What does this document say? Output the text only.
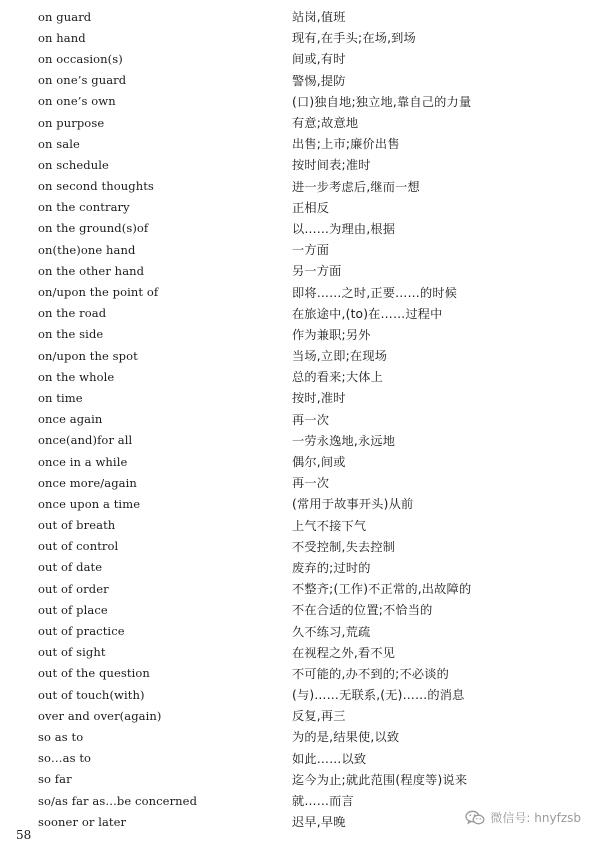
on guard	站岗,值班
on hand	现有,在手头;在场,到场
on occasion(s)	间或,有时
on one’s guard	警惕,提防
on one’s own	(口)独自地;独立地,靠自己的力量
on purpose	有意;故意地
on sale	出售;上市;廉价出售
on schedule	按时间表;准时
on second thoughts	进一步考虑后,继而一想
on the contrary	正相反
on the ground(s)of	以……为理由,根据
on(the)one hand	一方面
on the other hand	另一方面
on/upon the point of	即将……之时,正要……的时候
on the road	在旅途中,(to)在……过程中
on the side	作为兼职;另外
on/upon the spot	当场,立即;在现场
on the whole	总的看来;大体上
on time	按时,准时
once again	再一次
once(and)for all	一劳永逸地,永远地
once in a while	偶尔,间或
once more/again	再一次
once upon a time	(常用于故事开头)从前
out of breath	上气不接下气
out of control	不受控制,失去控制
out of date	废弃的;过时的
out of order	不整齐;(工作)不正常的,出故障的
out of place	不在合适的位置;不恰当的
out of practice	久不练习,荒疏
out of sight	在视程之外,看不见
out of the question	不可能的,办不到的;不必谈的
out of touch(with)	(与)……无联系,(无)……的消息
over and over(again)	反复,再三
so as to	为的是,结果使,以致
so…as to	如此……以致
so far	迄今为止;就此范围(程度等)说来
so/as far as…be concerned	就……而言
sooner or later	迟早,早晚
58
微信号: hnyfzsb
